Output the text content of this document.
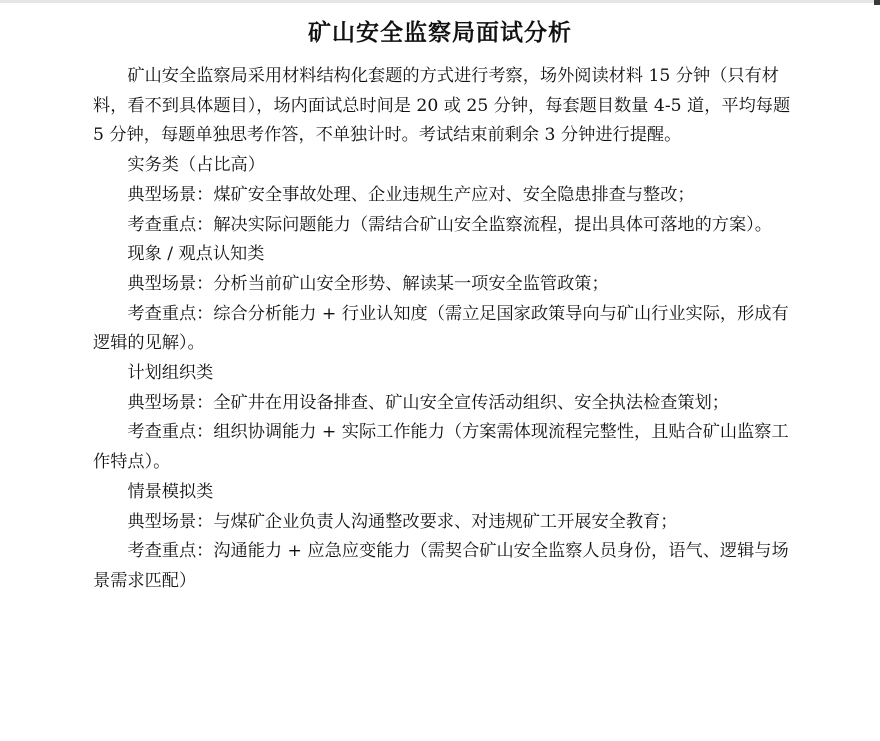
矿山安全监察局面试分析

矿山安全监察局采用材料结构化套题的方式进行考察，场外阅读材料 15 分钟（只有材料，看不到具体题目），场内面试总时间是 20 或 25 分钟，每套题目数量 4-5 道，平均每题 5 分钟，每题单独思考作答，不单独计时。考试结束前剩余 3 分钟进行提醒。

实务类（占比高）

典型场景：煤矿安全事故处理、企业违规生产应对、安全隐患排查与整改；

考查重点：解决实际问题能力（需结合矿山安全监察流程，提出具体可落地的方案）。

现象 / 观点认知类

典型场景：分析当前矿山安全形势、解读某一项安全监管政策；

考查重点：综合分析能力 + 行业认知度（需立足国家政策导向与矿山行业实际，形成有逻辑的见解）。

计划组织类

典型场景：全矿井在用设备排查、矿山安全宣传活动组织、安全执法检查策划；

考查重点：组织协调能力 + 实际工作能力（方案需体现流程完整性，且贴合矿山监察工作特点）。

情景模拟类

典型场景：与煤矿企业负责人沟通整改要求、对违规矿工开展安全教育；

考查重点：沟通能力 + 应急应变能力（需契合矿山安全监察人员身份，语气、逻辑与场景需求匹配）
